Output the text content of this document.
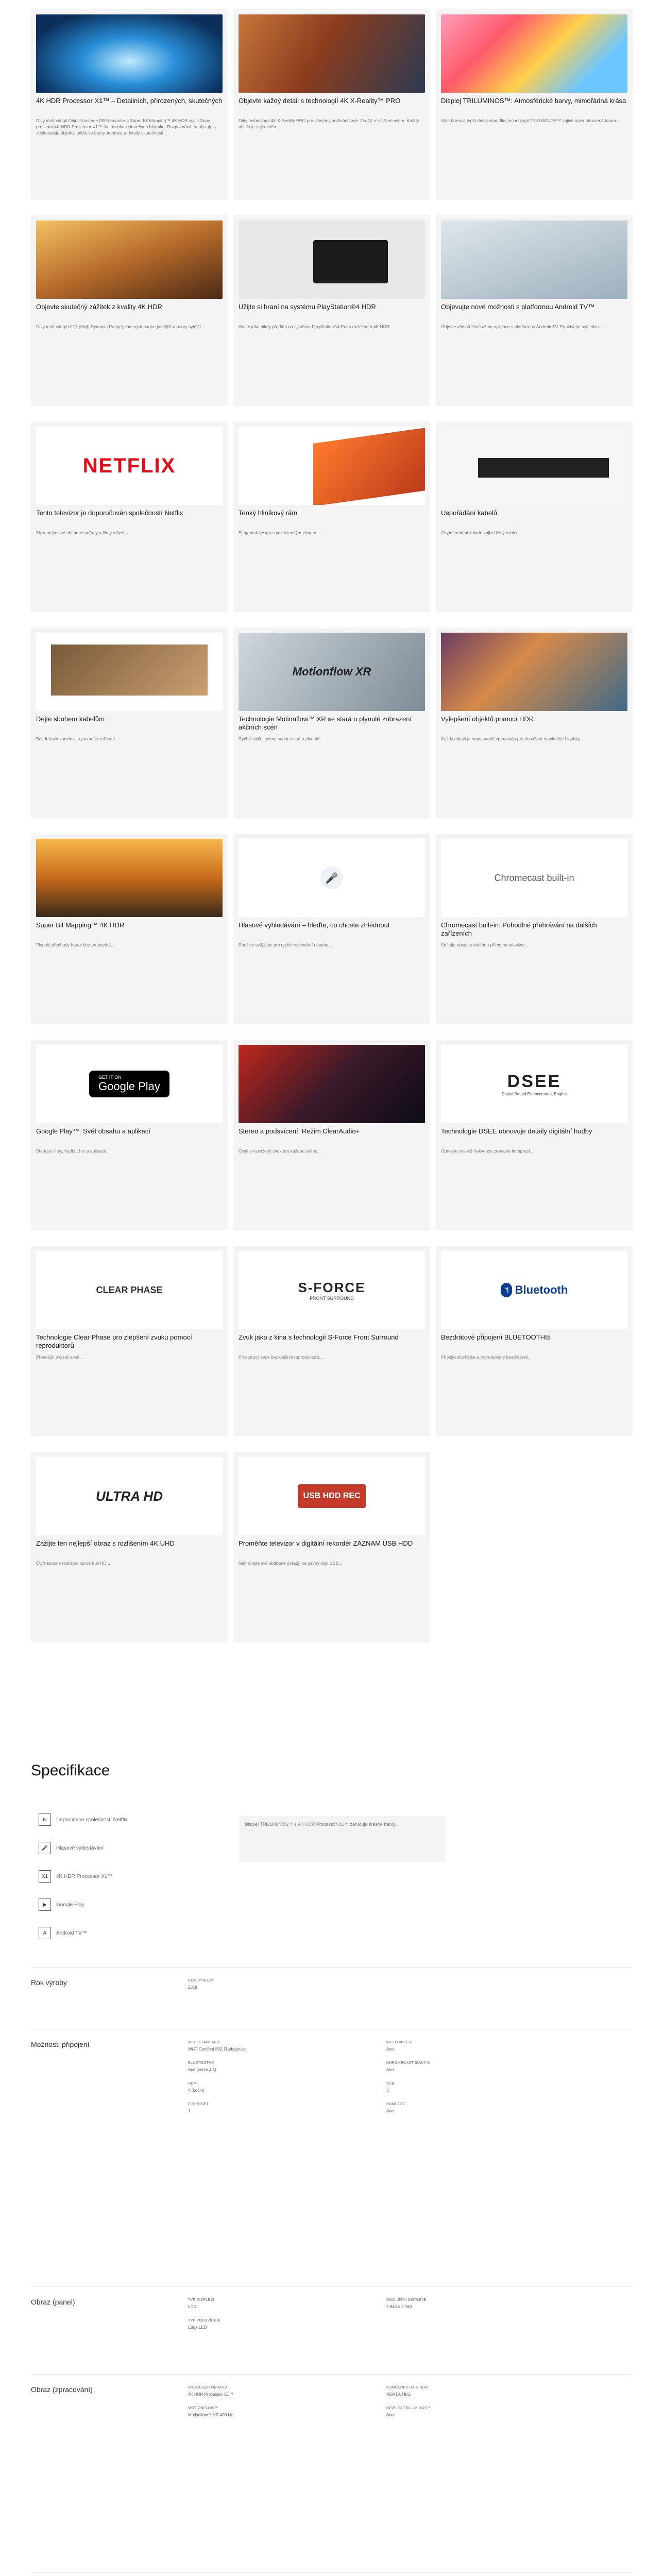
4K HDR Processor X1™ – Detailních, přirozených, skutečných
Díky technologii Object-based HDR Remaster a Super Bit Mapping™ 4K HDR vyvíjí Sony procesor 4K HDR Processor X1™ fantastickou skutečnou hloubku. Rozpoznává, analyzuje a zdokonaluje objekty, takže se barvy, kontrast a detaily skutečnosti...
Objevte každý detail s technologií 4K X-Reality™ PRO
Díky technologii 4K X-Reality PRO pro všechny podívané zde. Do 4K s HDR ve všem. Každý objekt je zvýrazněn...
Displej TRILUMINOS™: Atmosférické barvy, mimořádná krása
Více barev a lepší detail vám díky technologii TRILUMINOS™ zajistí nová přirozená barva...
Objevte skutečný zážitek z kvality 4K HDR
Díky technologii HDR (High Dynamic Range) vám nyní budou jasnější a barvy sytější...
Užijte si hraní na systému PlayStation®4 HDR
Hrajte jako nikdy předtím na systému PlayStation®4 Pro s rozlišením 4K HDR...
Objevujte nové možnosti s platformou Android TV™
Objevte vše od filmů až po aplikace s platformou Android TV. Používejte svůj hlas...
NETFLIX
Tento televizor je doporučován společností Netflix
Streamujte své oblíbené pořady a filmy s Netflix...
Tenký hliníkový rám
Elegantní design s velmi tenkým rámem...
Uspořádání kabelů
Chytré vedení kabelů zajistí čistý vzhled...
Dejte sbohem kabelům
Bezdrátová konektivita pro vaše zařízení...
Motionflow XR
Technologie Motionflow™ XR se stará o plynulé zobrazení akčních scén
Rychlé akční scény budou ostré a plynulé...
Vylepšení objektů pomocí HDR
Každý objekt je samostatně zpracován pro dosažení maximální hloubky...
Super Bit Mapping™ 4K HDR
Plynulé přechody barev bez pruhování...
🎤
Hlasové vyhledávání – hleďte, co chcete zhlédnout
Použijte svůj hlas pro rychlé vyhledání obsahu...
Chromecast built-in
Chromecast built-in: Pohodlné přehrávání na dalších zařízeních
Sdílejte obsah z telefonu přímo na televizor...
GET IT ON
Google Play
Google Play™: Svět obsahu a aplikací
Stahujte filmy, hudbu, hry a aplikace...
Stereo a podsvícení: Režim ClearAudio+
Čistý a vyvážený zvuk pro každou scénu...
DSEE
Digital Sound Enhancement Engine
Technologie DSEE obnovuje detaily digitální hudby
Obnovte vysoké frekvence ztracené kompresí...
CLEAR PHASE
Technologie Clear Phase pro zlepšení zvuku pomocí reproduktorů
Přesnější a čistší zvuk...
S-FORCE
FRONT SURROUND
Zvuk jako z kina s technologií S-Force Front Surround
Prostorový zvuk bez dalších reproduktorů...
ᖿ Bluetooth
Bezdrátové připojení BLUETOOTH®
Připojte sluchátka a reproduktory bezdrátově...
ULTRA HD
Zažijte ten nejlepší obraz s rozlišením 4K UHD
Čtyřnásobné rozlišení oproti Full HD...
USB HDD REC
Proměňte televizor v digitální rekordér ZÁZNAM USB HDD
Nahrávejte své oblíbené pořady na pevný disk USB...
Specifikace
N	Doporučeno společností Netflix
🎤	Hlasové vyhledávání
X1	4K HDR Processor X1™
▶	Google Play
A	Android TV™
Displej TRILUMINOS™ s 4K HDR Processor X1™ zaručuje krásné barvy...
Rok výroby	ROK VÝROBY
2018
Možnosti připojení	WI-FI STANDARD
Wi-Fi Certified 802.11a/b/g/n/ac
WI-FI DIRECT
Ano
BLUETOOTH®
Ano (verze 4.1)
CHROMECAST BUILT-IN
Ano
HDMI
4 (boční)
USB
3
ETHERNET
1
HDMI-CEC
Ano
Obraz (panel)	TYP DISPLEJE
LCD
ROZLIŠENÍ DISPLEJE
3 840 × 2 160
TYP PODSVÍCENÍ
Edge LED
Obraz (zpracování)	PROCESOR OBRAZU
4K HDR Processor X1™
KOMPATIBILITA S HDR
HDR10, HLG
MOTIONFLOW™
Motionflow™ XR 400 Hz
DISPLEJ TRILUMINOS™
Ano
